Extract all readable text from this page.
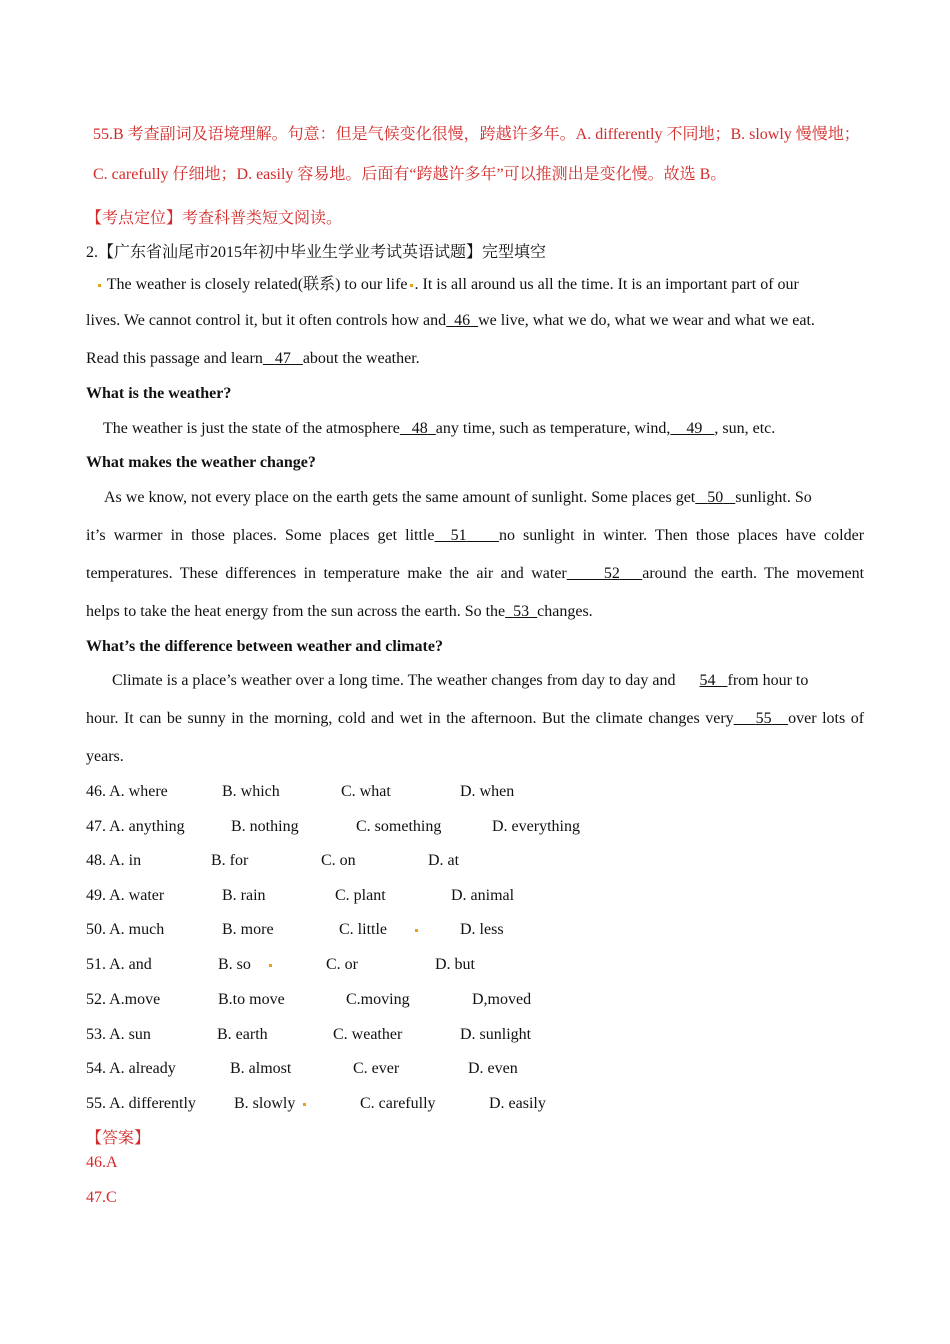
55.B 考查副词及语境理解。句意：但是气候变化很慢，跨越许多年。A. differently 不同地；B. slowly 慢慢地；
C. carefully 仔细地；D. easily 容易地。后面有“跨越许多年”可以推测出是变化慢。故选 B。
【考点定位】考查科普类短文阅读。
2.【广东省汕尾市2015年初中毕业生学业考试英语试题】完型填空
The weather is closely related(联系) to our life . It is all around us all the time. It is an important part of our
lives. We cannot control it, but it often controls how and 46 we live, what we do, what we wear and what we eat.
Read this passage and learn 47 about the weather.
What is the weather?
The weather is just the state of the atmosphere 48 any time, such as temperature, wind, 49 , sun, etc.
What makes the weather change?
As we know, not every place on the earth gets the same amount of sunlight. Some places get 50 sunlight. So
it’s warmer in those places. Some places get little 51 no sunlight in winter. Then those places have colder
temperatures. These differences in temperature make the air and water 52 around the earth. The movement
helps to take the heat energy from the sun across the earth. So the 53 changes.
What’s the difference between weather and climate?
Climate is a place’s weather over a long time. The weather changes from day to day and 54 from hour to
hour. It can be sunny in the morning, cold and wet in the afternoon. But the climate changes very 55 over lots of
years.
46. A. where	B. which	C. what	D. when
47. A. anything	B. nothing	C. something	D. everything
48. A. in	B. for	C. on	D. at
49. A. water	B. rain	C. plant	D. animal
50. A. much	B. more	C. little	D. less
51. A. and	B. so	C. or	D. but
52. A.move	B.to move	C.moving	D,moved
53. A. sun	B. earth	C. weather	D. sunlight
54. A. already	B. almost	C. ever	D. even
55. A. differently B. slowly	C. carefully	D. easily
【答案】
46.A
47.C
